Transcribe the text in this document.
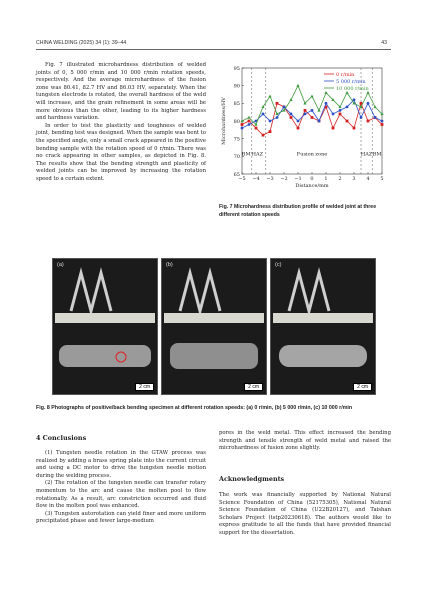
CHINA WELDING (2025) 34 (1): 39–44	43

Fig. 7 illustrated microhardness distribution of welded joints of 0, 5 000 r/min and 10 000 r/min rotation speeds, respectively. And the average microhardness of the fusion zone was 80.41, 82.7 HV and 86.03 HV, separately. When the tungsten electrode is rotated, the overall hardness of the weld will increase, and the grain refinement in some areas will be more obvious than the other, leading to its higher hardness and hardness variation.

In order to test the plasticity and toughness of welded joint, bending test was designed. When the sample was bent to the specified angle, only a small crack appeared in the positive bending sample with the rotation speed of 0 r/min. There was no crack appearing in other samples, as depicted in Fig. 8. The results show that the bending strength and plasticity of welded joints can be improved by increasing the rotation speed to a certain extent.	−5 −4 −3 −2 −1 0 1 2 3 4 5
65
70
75
80
85
90
95
Distance/mm
Microhardness/HV
BM HAZ	Fusion zone	HAZ BM
0 r/min
5 000 r/min
10 000 r/min
Fig. 7 Microhardness distribution profile of welded joint at three different rotation speeds
(a)
2 cm
(b)
2 cm
(c)
2 cm
Fig. 8 Photographs of positive/back bending specimen at different rotation speeds: (a) 0 r/min, (b) 5 000 r/min, (c) 10 000 r/min
4 Conclusions

(1) Tungsten needle rotation in the GTAW process was realized by adding a brass spring plate into the current circuit and using a DC motor to drive the tungsten needle motion during the welding process.

(2) The rotation of the tungsten needle can transfer rotary momentum to the arc and cause the molten pool to flow rotationally. As a result, arc constriction occurred and fluid flow in the molten pool was enhanced.

(3) Tungsten autorotation can yield finer and more uniform precipitated phase and fewer large-medium

pores in the weld metal. This effect increased the bending strength and tensile strength of weld metal and raised the microhardness of fusion zone slightly.

Acknowledgments

The work was financially supported by National Natural Science Foundation of China (52175305), National Natural Science Foundation of China (U22B20127), and Taishan Scholars Project (tstp20230618). The authors would like to express gratitude to all the funds that have provided financial support for the dissertation.
